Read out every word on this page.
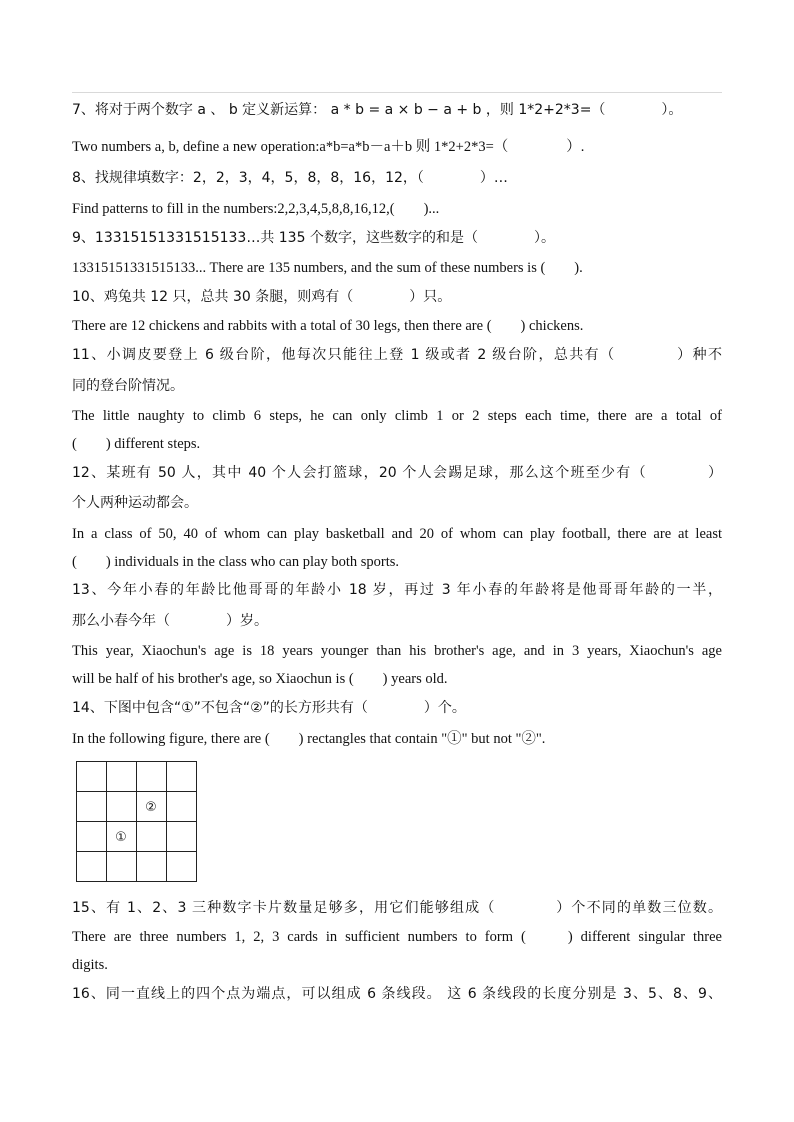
7、将对于两个数字 a 、 b 定义新运算： a * b = a × b − a + b ，则 1*2+2*3=（　　　　）。
Two numbers a, b, define a new operation:a*b=a*b－a＋b 则 1*2+2*3=（　　　　）.
8、找规律填数字：2，2，3，4，5，8，8，16，12，（　　　　）…
Find patterns to fill in the numbers:2,2,3,4,5,8,8,16,12,(　　)...
9、13315151331515133…共 135 个数字，这些数字的和是（　　　　）。
13315151331515133... There are 135 numbers, and the sum of these numbers is (　　).
10、鸡兔共 12 只，总共 30 条腿，则鸡有（　　　　）只。
There are 12 chickens and rabbits with a total of 30 legs, then there are (　　) chickens.
11、小调皮要登上 6 级台阶，他每次只能往上登 1 级或者 2 级台阶，总共有（　　　　）种不
同的登台阶情况。
The little naughty to climb 6 steps, he can only climb 1 or 2 steps each time, there are a total of
(　　) different steps.
12、某班有 50 人，其中 40 个人会打篮球，20 个人会踢足球，那么这个班至少有（　　　　）
个人两种运动都会。
In a class of 50, 40 of whom can play basketball and 20 of whom can play football, there are at least
(　　) individuals in the class who can play both sports.
13、今年小春的年龄比他哥哥的年龄小 18 岁，再过 3 年小春的年龄将是他哥哥年龄的一半，
那么小春今年（　　　　）岁。
This year, Xiaochun's age is 18 years younger than his brother's age, and in 3 years, Xiaochun's age
will be half of his brother's age, so Xiaochun is (　　) years old.
14、下图中包含“①”不包含“②”的长方形共有（　　　　）个。
In the following figure, there are (　　) rectangles that contain "①" but not "②".
②
①
15、有 1、2、3 三种数字卡片数量足够多，用它们能够组成（　　　　）个不同的单数三位数。
There are three numbers 1, 2, 3 cards in sufficient numbers to form (　　) different singular three
digits.
16、同一直线上的四个点为端点，可以组成 6 条线段。 这 6 条线段的长度分别是 3、5、8、9、
